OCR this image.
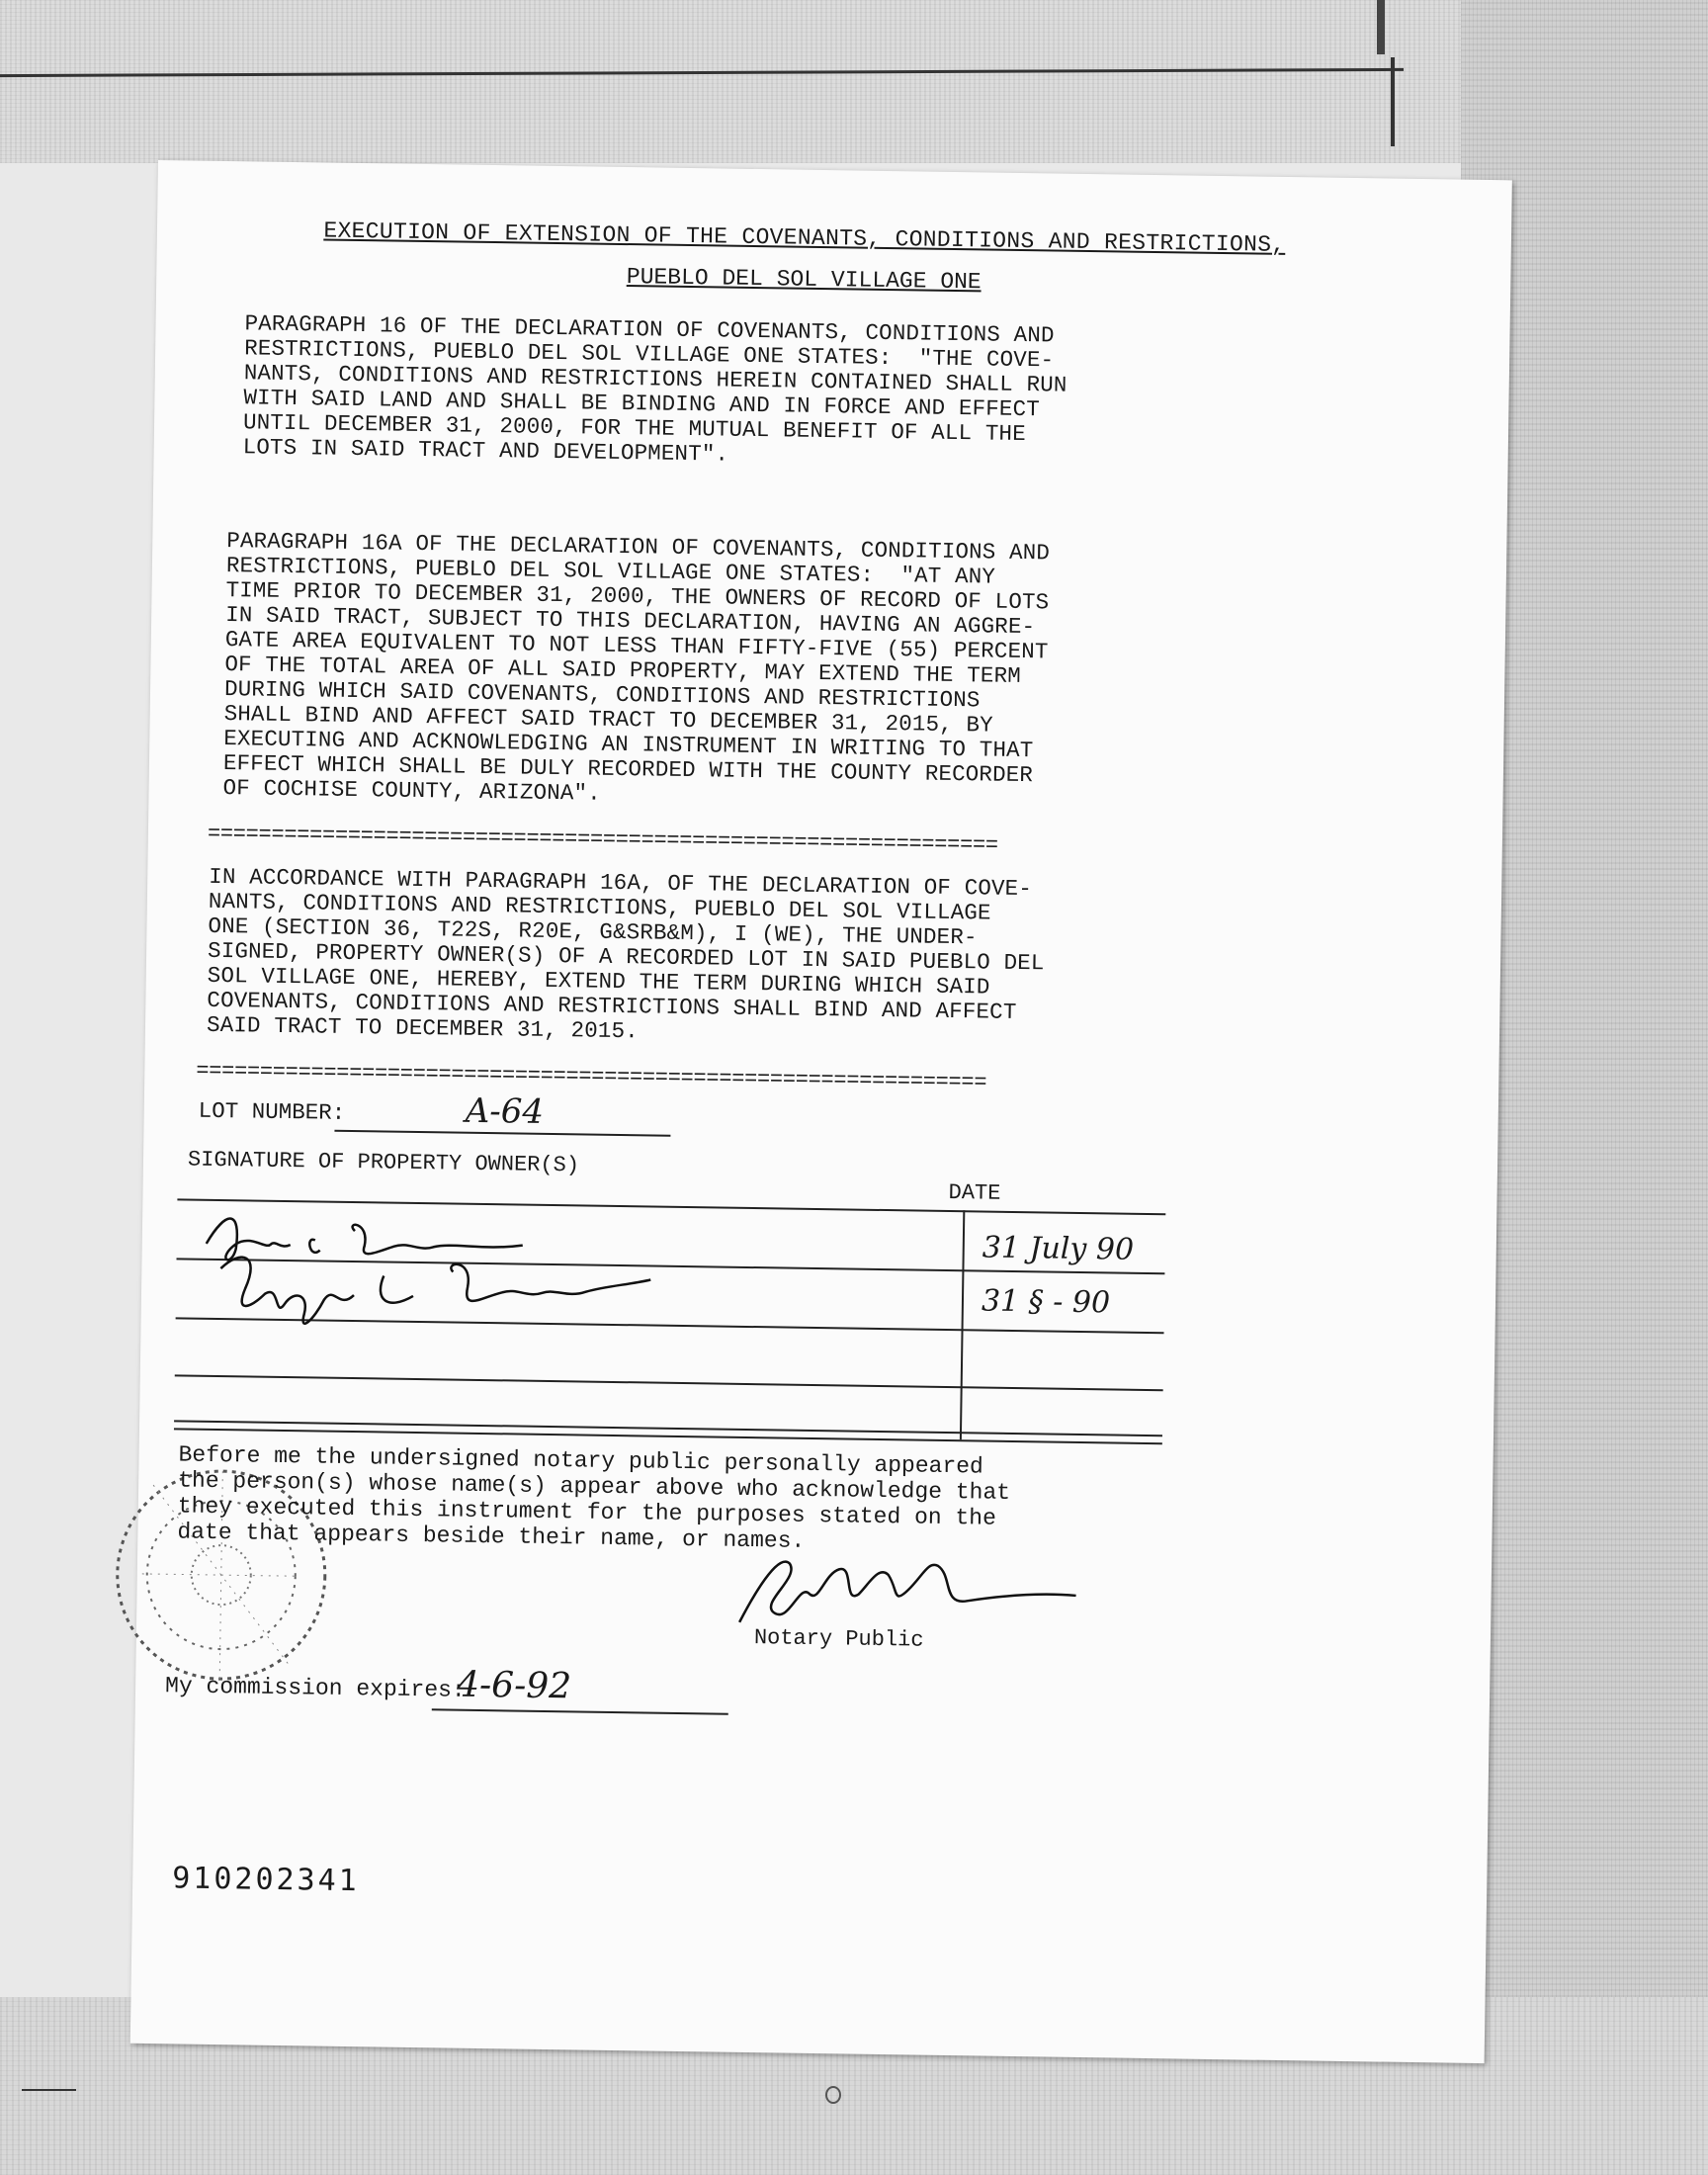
EXECUTION OF EXTENSION OF THE COVENANTS, CONDITIONS AND RESTRICTIONS,
PUEBLO DEL SOL VILLAGE ONE
PARAGRAPH 16 OF THE DECLARATION OF COVENANTS, CONDITIONS AND
RESTRICTIONS, PUEBLO DEL SOL VILLAGE ONE STATES:  "THE COVE-
NANTS, CONDITIONS AND RESTRICTIONS HEREIN CONTAINED SHALL RUN
WITH SAID LAND AND SHALL BE BINDING AND IN FORCE AND EFFECT
UNTIL DECEMBER 31, 2000, FOR THE MUTUAL BENEFIT OF ALL THE
LOTS IN SAID TRACT AND DEVELOPMENT".
PARAGRAPH 16A OF THE DECLARATION OF COVENANTS, CONDITIONS AND
RESTRICTIONS, PUEBLO DEL SOL VILLAGE ONE STATES:  "AT ANY
TIME PRIOR TO DECEMBER 31, 2000, THE OWNERS OF RECORD OF LOTS
IN SAID TRACT, SUBJECT TO THIS DECLARATION, HAVING AN AGGRE-
GATE AREA EQUIVALENT TO NOT LESS THAN FIFTY-FIVE (55) PERCENT
OF THE TOTAL AREA OF ALL SAID PROPERTY, MAY EXTEND THE TERM
DURING WHICH SAID COVENANTS, CONDITIONS AND RESTRICTIONS
SHALL BIND AND AFFECT SAID TRACT TO DECEMBER 31, 2015, BY
EXECUTING AND ACKNOWLEDGING AN INSTRUMENT IN WRITING TO THAT
EFFECT WHICH SHALL BE DULY RECORDED WITH THE COUNTY RECORDER
OF COCHISE COUNTY, ARIZONA".
==============================================================
IN ACCORDANCE WITH PARAGRAPH 16A, OF THE DECLARATION OF COVE-
NANTS, CONDITIONS AND RESTRICTIONS, PUEBLO DEL SOL VILLAGE
ONE (SECTION 36, T22S, R20E, G&SRB&M), I (WE), THE UNDER-
SIGNED, PROPERTY OWNER(S) OF A RECORDED LOT IN SAID PUEBLO DEL
SOL VILLAGE ONE, HEREBY, EXTEND THE TERM DURING WHICH SAID
COVENANTS, CONDITIONS AND RESTRICTIONS SHALL BIND AND AFFECT
SAID TRACT TO DECEMBER 31, 2015.
==============================================================
LOT NUMBER:	A-64
SIGNATURE OF PROPERTY OWNER(S)
DATE
31 July 90
31 § - 90
Before me the undersigned notary public personally appeared
the person(s) whose name(s) appear above who acknowledge that
they executed this instrument for the purposes stated on the
date that appears beside their name, or names.
Notary Public
My commission expires:
4-6-92
910202341
